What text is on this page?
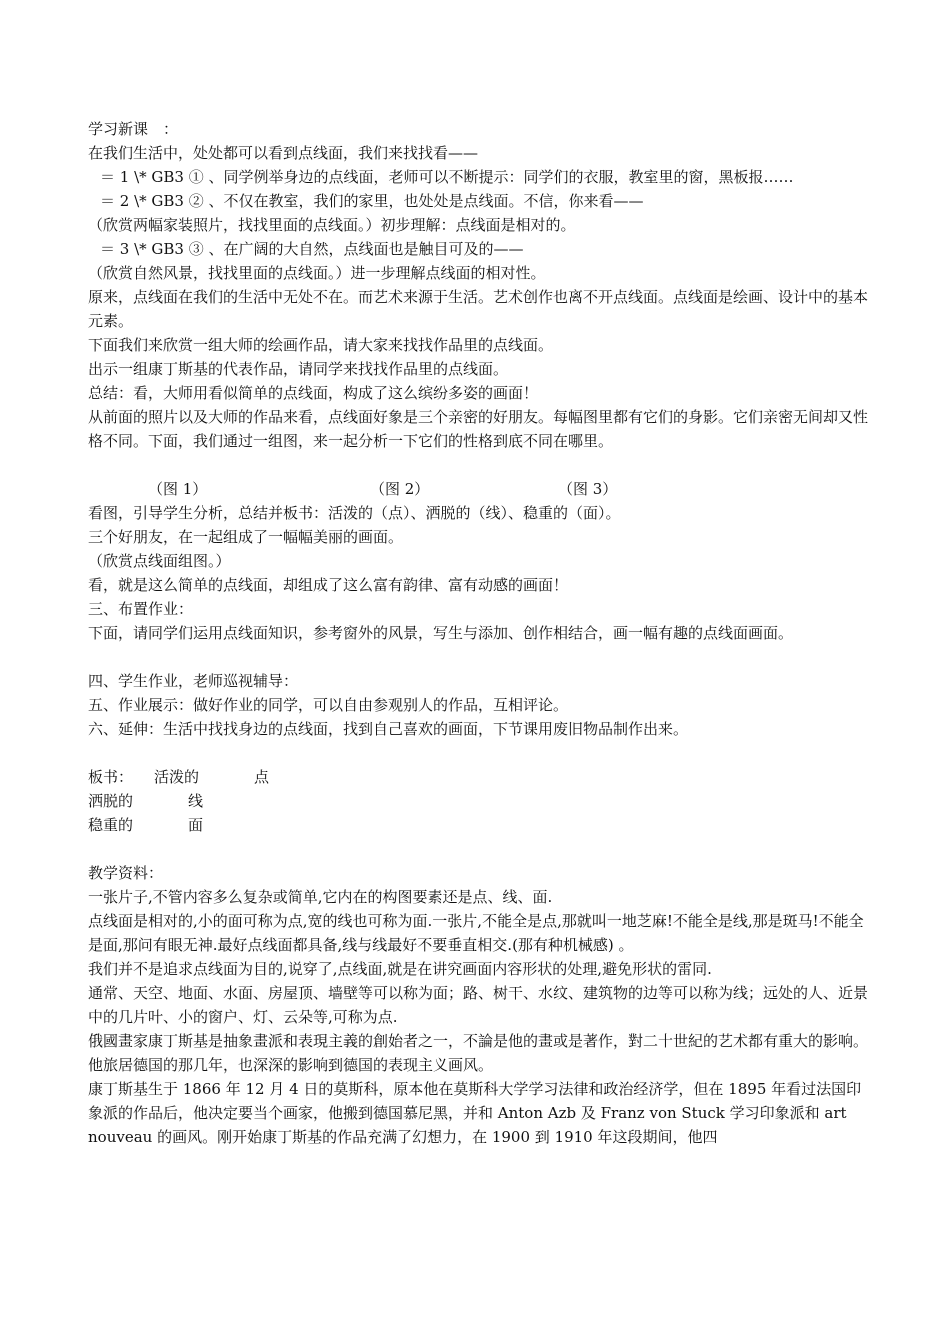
学习新课　：
在我们生活中，处处都可以看到点线面，我们来找找看——
＝ 1 \* GB3 ① 、同学例举身边的点线面，老师可以不断提示：同学们的衣服，教室里的窗，黑板报……
＝ 2 \* GB3 ② 、不仅在教室，我们的家里，也处处是点线面。不信，你来看——
（欣赏两幅家装照片，找找里面的点线面。）初步理解：点线面是相对的。
＝ 3 \* GB3 ③ 、在广阔的大自然，点线面也是触目可及的——
（欣赏自然风景，找找里面的点线面。）进一步理解点线面的相对性。
原来，点线面在我们的生活中无处不在。而艺术来源于生活。艺术创作也离不开点线面。点线面是绘画、设计中的基本元素。
下面我们来欣赏一组大师的绘画作品，请大家来找找作品里的点线面。
出示一组康丁斯基的代表作品，请同学来找找作品里的点线面。
总结：看，大师用看似简单的点线面，构成了这么缤纷多姿的画面！
从前面的照片以及大师的作品来看，点线面好象是三个亲密的好朋友。每幅图里都有它们的身影。它们亲密无间却又性格不同。下面，我们通过一组图，来一起分析一下它们的性格到底不同在哪里。

（图 1）

	（图 2）

	（图 3）

看图，引导学生分析，总结并板书：活泼的（点）、洒脱的（线）、稳重的（面）。
三个好朋友，在一起组成了一幅幅美丽的画面。
（欣赏点线面组图。）
看，就是这么简单的点线面，却组成了这么富有韵律、富有动感的画面！
三、布置作业：
下面，请同学们运用点线面知识，参考窗外的风景，写生与添加、创作相结合，画一幅有趣的点线面画面。
四、学生作业，老师巡视辅导：
五、作业展示：做好作业的同学，可以自由参观别人的作品，互相评论。
六、延伸：生活中找找身边的点线面，找到自己喜欢的画面，下节课用废旧物品制作出来。

板书：

活泼的

	点

洒脱的

	线

稳重的

	面

教学资料：
一张片子,不管内容多么复杂或简单,它内在的构图要素还是点、线、面.
点线面是相对的,小的面可称为点,宽的线也可称为面.一张片,不能全是点,那就叫一地芝麻!不能全是线,那是斑马!不能全是面,那问有眼无神.最好点线面都具备,线与线最好不要垂直相交.(那有种机械感) 。
我们并不是追求点线面为目的,说穿了,点线面,就是在讲究画面内容形状的处理,避免形状的雷同.
通常、天空、地面、水面、房屋顶、墙壁等可以称为面；路、树干、水纹、建筑物的边等可以称为线；远处的人、近景中的几片叶、小的窗户、灯、云朵等,可称为点.
俄國畫家康丁斯基是抽象畫派和表現主義的創始者之一，不論是他的畫或是著作，對二十世紀的艺术都有重大的影响。他旅居德国的那几年，也深深的影响到德国的表现主义画风。
康丁斯基生于 1866 年 12 月 4 日的莫斯科，原本他在莫斯科大学学习法律和政治经济学，但在 1895 年看过法国印象派的作品后，他决定要当个画家，他搬到德国慕尼黑，并和 Anton Azb 及 Franz von Stuck 学习印象派和 art nouveau 的画风。刚开始康丁斯基的作品充满了幻想力，在 1900 到 1910 年这段期间，他四
